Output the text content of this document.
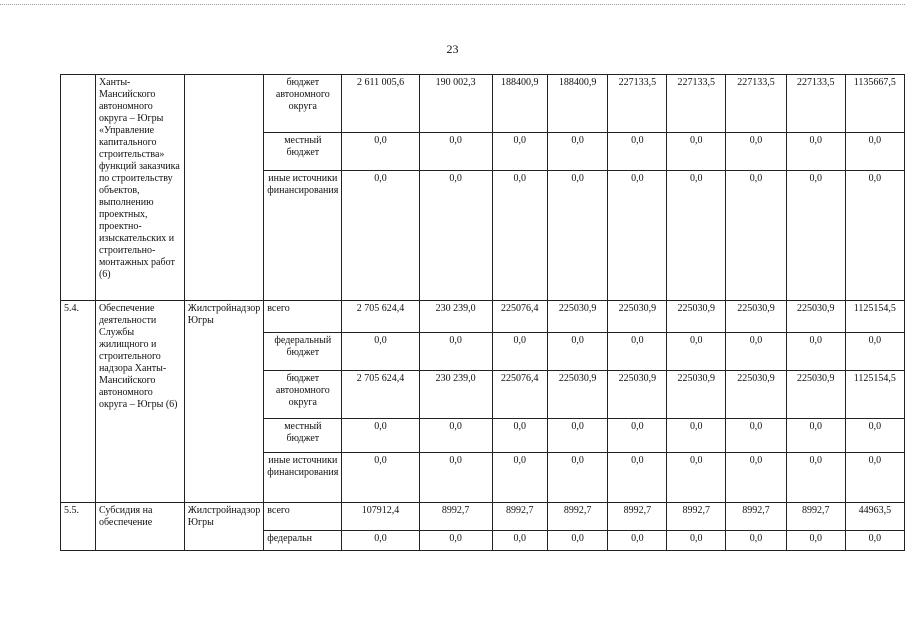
23
	Ханты-Мансийского автономного округа – Югры «Управление капитального строительства» функций заказчика по строительству объектов, выполнению проектных, проектно-изыскательских и строительно-монтажных работ (6)		бюджет автономного округа	2 611 005,6	190 002,3	188400,9	188400,9	227133,5	227133,5	227133,5	227133,5	1135667,5
			местный бюджет	0,0	0,0	0,0	0,0	0,0	0,0	0,0	0,0	0,0
			иные источники финансирования	0,0	0,0	0,0	0,0	0,0	0,0	0,0	0,0	0,0
5.4.	Обеспечение деятельности Службы жилищного и строительного надзора Ханты-Мансийского автономного округа – Югры (6)	Жилстройнадзор Югры	всего	2 705 624,4	230 239,0	225076,4	225030,9	225030,9	225030,9	225030,9	225030,9	1125154,5
			федеральный бюджет	0,0	0,0	0,0	0,0	0,0	0,0	0,0	0,0	0,0
			бюджет автономного округа	2 705 624,4	230 239,0	225076,4	225030,9	225030,9	225030,9	225030,9	225030,9	1125154,5
			местный бюджет	0,0	0,0	0,0	0,0	0,0	0,0	0,0	0,0	0,0
			иные источники финансирования	0,0	0,0	0,0	0,0	0,0	0,0	0,0	0,0	0,0
5.5.	Субсидия на обеспечение	Жилстройнадзор Югры	всего	107912,4	8992,7	8992,7	8992,7	8992,7	8992,7	8992,7	8992,7	44963,5
			федеральн	0,0	0,0	0,0	0,0	0,0	0,0	0,0	0,0	0,0
